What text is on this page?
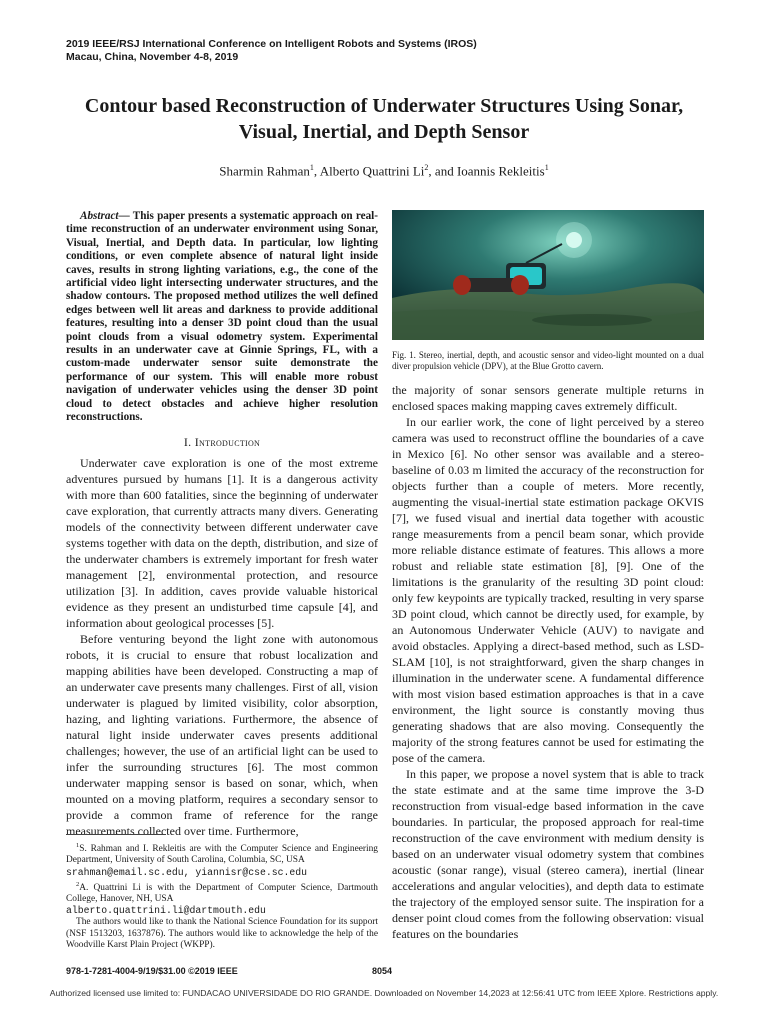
2019 IEEE/RSJ International Conference on Intelligent Robots and Systems (IROS)
Macau, China, November 4-8, 2019
Contour based Reconstruction of Underwater Structures Using Sonar,
Visual, Inertial, and Depth Sensor
Sharmin Rahman$^1$, Alberto Quattrini Li$^2$, and Ioannis Rekleitis$^1$

Abstract— This paper presents a systematic approach on real-time reconstruction of an underwater environment using Sonar, Visual, Inertial, and Depth data. In particular, low lighting conditions, or even complete absence of natural light inside caves, results in strong lighting variations, e.g., the cone of the artificial video light intersecting underwater structures, and the shadow contours. The proposed method utilizes the well defined edges between well lit areas and darkness to provide additional features, resulting into a denser 3D point cloud than the usual point clouds from a visual odometry system. Experimental results in an underwater cave at Ginnie Springs, FL, with a custom-made underwater sensor suite demonstrate the performance of our system. This will enable more robust navigation of underwater vehicles using the denser 3D point cloud to detect obstacles and achieve higher resolution reconstructions.

I. Introduction

Underwater cave exploration is one of the most extreme adventures pursued by humans [1]. It is a dangerous activity with more than 600 fatalities, since the beginning of underwater cave exploration, that currently attracts many divers. Generating models of the connectivity between different underwater cave systems together with data on the depth, distribution, and size of the underwater chambers is extremely important for fresh water management [2], environmental protection, and resource utilization [3]. In addition, caves provide valuable historical evidence as they present an undisturbed time capsule [4], and information about geological processes [5].

Before venturing beyond the light zone with autonomous robots, it is crucial to ensure that robust localization and mapping abilities have been developed. Constructing a map of an underwater cave presents many challenges. First of all, vision underwater is plagued by limited visibility, color absorption, hazing, and lighting variations. Furthermore, the absence of natural light inside underwater caves presents additional challenges; however, the use of an artificial light can be used to infer the surrounding structures [6]. The most common underwater mapping sensor is based on sonar, which, when mounted on a moving platform, requires a secondary sensor to provide a common frame of reference for the range measurements collected over time. Furthermore,

Fig. 1. Stereo, inertial, depth, and acoustic sensor and video-light mounted on a dual diver propulsion vehicle (DPV), at the Blue Grotto cavern.

the majority of sonar sensors generate multiple returns in enclosed spaces making mapping caves extremely difficult.

In our earlier work, the cone of light perceived by a stereo camera was used to reconstruct offline the boundaries of a cave in Mexico [6]. No other sensor was available and a stereo-baseline of 0.03 m limited the accuracy of the reconstruction for objects further than a couple of meters. More recently, augmenting the visual-inertial state estimation package OKVIS [7], we fused visual and inertial data together with acoustic range measurements from a pencil beam sonar, which provide more reliable distance estimate of features. This allows a more robust and reliable state estimation [8], [9]. One of the limitations is the granularity of the resulting 3D point cloud: only few keypoints are typically tracked, resulting in very sparse 3D point cloud, which cannot be directly used, for example, by an Autonomous Underwater Vehicle (AUV) to navigate and avoid obstacles. Applying a direct-based method, such as LSD-SLAM [10], is not straightforward, given the sharp changes in illumination in the underwater scene. A fundamental difference with most vision based estimation approaches is that in a cave environment, the light source is constantly moving thus generating shadows that are also moving. Consequently the majority of the strong features cannot be used for estimating the pose of the camera.

In this paper, we propose a novel system that is able to track the state estimate and at the same time improve the 3-D reconstruction from visual-edge based information in the cave boundaries. In particular, the proposed approach for real-time reconstruction of the cave environment with medium density is based on an underwater visual odometry system that combines acoustic (sonar range), visual (stereo camera), inertial (linear accelerations and angular velocities), and depth data to estimate the trajectory of the employed sensor suite. The inspiration for a denser point cloud comes from the following observation: visual features on the boundaries

$^1$S. Rahman and I. Rekleitis are with the Computer Science and Engineering Department, University of South Carolina, Columbia, SC, USA
srahman@email.sc.edu, yiannisr@cse.sc.edu

$^2$A. Quattrini Li is with the Department of Computer Science, Dartmouth College, Hanover, NH, USA
alberto.quattrini.li@dartmouth.edu

The authors would like to thank the National Science Foundation for its support (NSF 1513203, 1637876). The authors would like to acknowledge the help of the Woodville Karst Plain Project (WKPP).

978-1-7281-4004-9/19/$31.00 ©2019 IEEE	8054
Authorized licensed use limited to: FUNDACAO UNIVERSIDADE DO RIO GRANDE. Downloaded on November 14,2023 at 12:56:41 UTC from IEEE Xplore. Restrictions apply.
